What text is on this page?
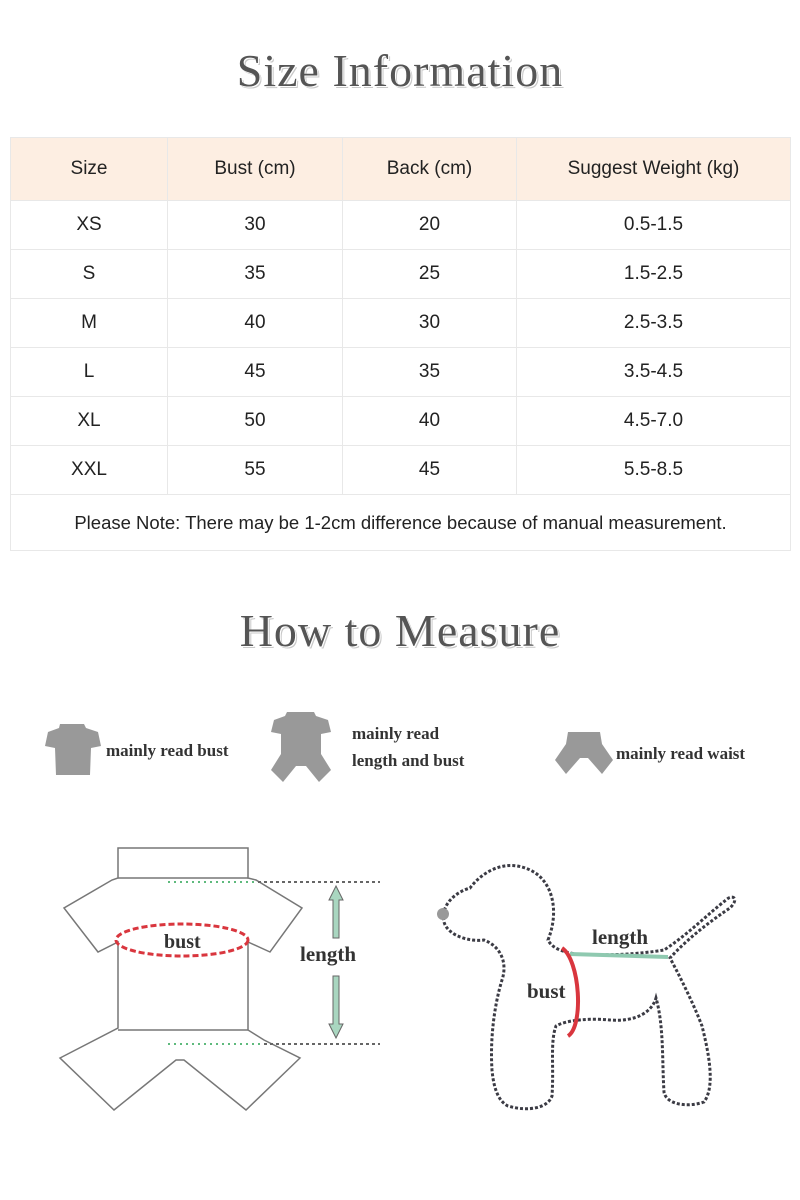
Size Information
Size	Bust (cm)	Back (cm)	Suggest Weight (kg)
XS	30	20	0.5-1.5
S	35	25	1.5-2.5
M	40	30	2.5-3.5
L	45	35	3.5-4.5
XL	50	40	4.5-7.0
XXL	55	45	5.5-8.5
Please Note: There may be 1-2cm difference because of manual measurement.			
How to Measure
mainly read bust
mainly read
length and bust	mainly read waist
length
bust	length
bust
